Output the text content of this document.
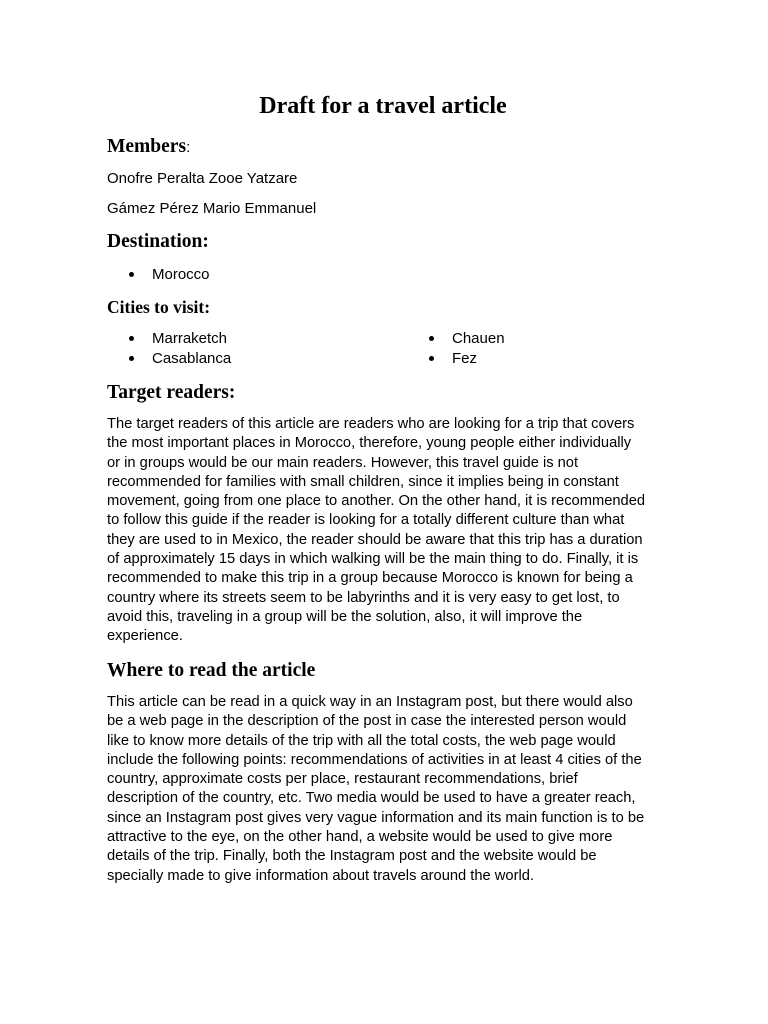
Draft for a travel article
Members:

Onofre Peralta Zooe Yatzare

Gámez Pérez Mario Emmanuel

Destination:
Morocco
Cities to visit:
Marraketch
Casablanca
Chauen
Fez
Target readers:
The target readers of this article are readers who are looking for a trip that covers
the most important places in Morocco, therefore, young people either individually
or in groups would be our main readers. However, this travel guide is not
recommended for families with small children, since it implies being in constant
movement, going from one place to another. On the other hand, it is recommended
to follow this guide if the reader is looking for a totally different culture than what
they are used to in Mexico, the reader should be aware that this trip has a duration
of approximately 15 days in which walking will be the main thing to do. Finally, it is
recommended to make this trip in a group because Morocco is known for being a
country where its streets seem to be labyrinths and it is very easy to get lost, to
avoid this, traveling in a group will be the solution, also, it will improve the
experience.
Where to read the article
This article can be read in a quick way in an Instagram post, but there would also
be a web page in the description of the post in case the interested person would
like to know more details of the trip with all the total costs, the web page would
include the following points: recommendations of activities in at least 4 cities of the
country, approximate costs per place, restaurant recommendations, brief
description of the country, etc. Two media would be used to have a greater reach,
since an Instagram post gives very vague information and its main function is to be
attractive to the eye, on the other hand, a website would be used to give more
details of the trip. Finally, both the Instagram post and the website would be
specially made to give information about travels around the world.
